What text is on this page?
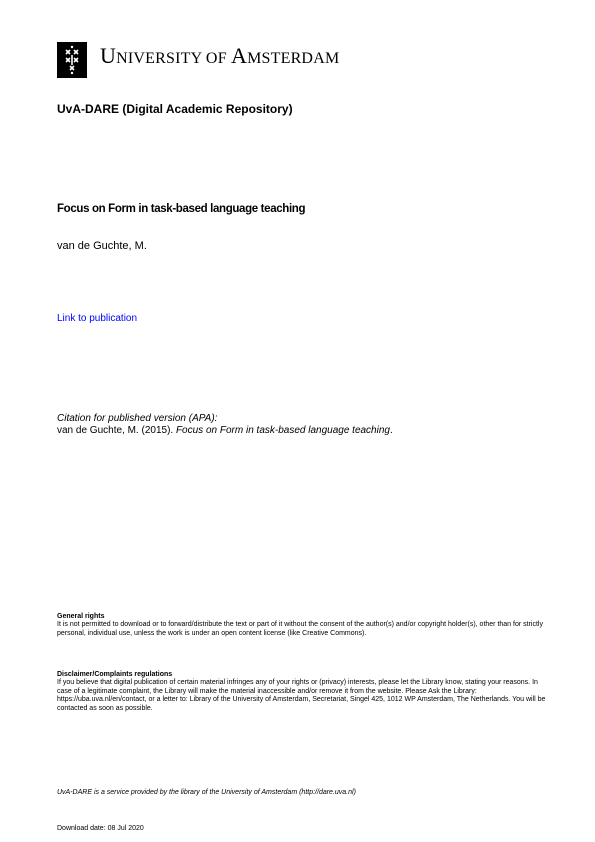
UNIVERSITY OF AMSTERDAM
UvA-DARE (Digital Academic Repository)
Focus on Form in task-based language teaching
van de Guchte, M.
Link to publication
Citation for published version (APA):
van de Guchte, M. (2015). Focus on Form in task-based language teaching.
General rights
It is not permitted to download or to forward/distribute the text or part of it without the consent of the author(s) and/or copyright holder(s), other than for strictly personal, individual use, unless the work is under an open content license (like Creative Commons).
Disclaimer/Complaints regulations
If you believe that digital publication of certain material infringes any of your rights or (privacy) interests, please let the Library know, stating your reasons. In case of a legitimate complaint, the Library will make the material inaccessible and/or remove it from the website. Please Ask the Library: https://uba.uva.nl/en/contact, or a letter to: Library of the University of Amsterdam, Secretariat, Singel 425, 1012 WP Amsterdam, The Netherlands. You will be contacted as soon as possible.
UvA-DARE is a service provided by the library of the University of Amsterdam (http://dare.uva.nl)
Download date: 08 Jul 2020
